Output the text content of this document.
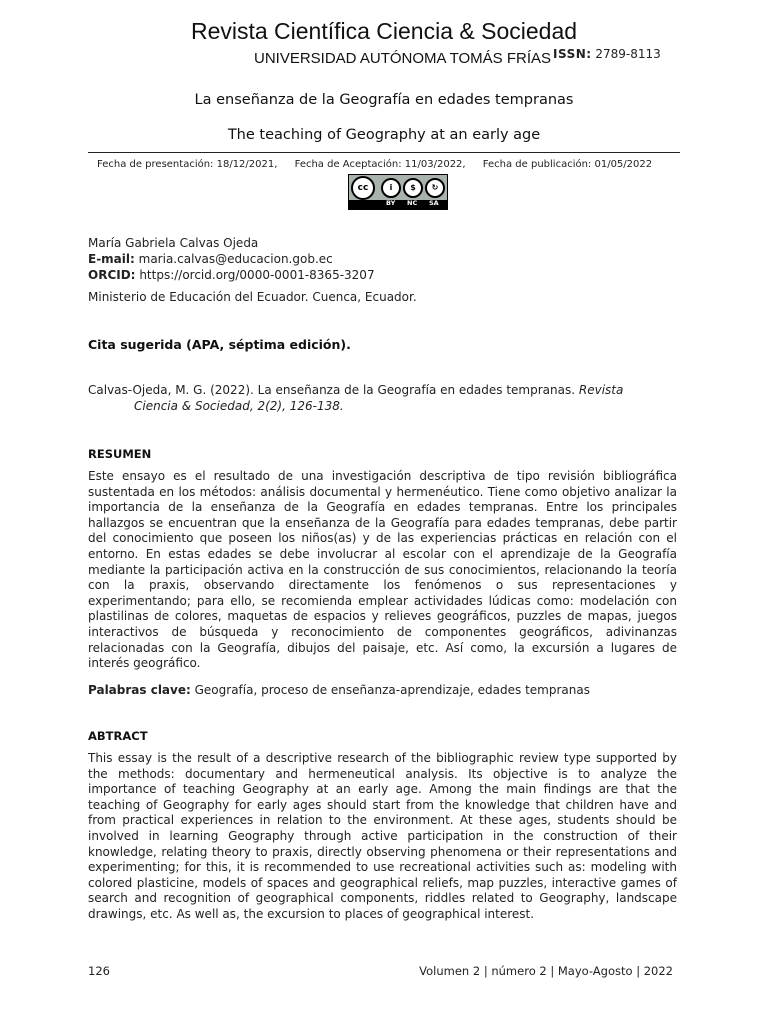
Revista Científica Ciencia & Sociedad
UNIVERSIDAD AUTÓNOMA TOMÁS FRÍAS ISSN: 2789-8113
La enseñanza de la Geografía en edades tempranas
The teaching of Geography at an early age
Fecha de presentación: 18/12/2021, Fecha de Aceptación: 11/03/2022, Fecha de publicación: 01/05/2022
cc	i	$	↻
BY NC SA
María Gabriela Calvas Ojeda
E-mail: maria.calvas@educacion.gob.ec
ORCID: https://orcid.org/0000-0001-8365-3207
Ministerio de Educación del Ecuador. Cuenca, Ecuador.
Cita sugerida (APA, séptima edición).
Calvas-Ojeda, M. G. (2022). La enseñanza de la Geografía en edades tempranas. Revista
Ciencia & Sociedad, 2(2), 126-138.
RESUMEN

Este ensayo es el resultado de una investigación descriptiva de tipo revisión bibliográfica sustentada en los métodos: análisis documental y hermenéutico. Tiene como objetivo analizar la importancia de la enseñanza de la Geografía en edades tempranas. Entre los principales hallazgos se encuentran que la enseñanza de la Geografía para edades tempranas, debe partir del conocimiento que poseen los niños(as) y de las experiencias prácticas en relación con el entorno. En estas edades se debe involucrar al escolar con el aprendizaje de la Geografía mediante la participación activa en la construcción de sus conocimientos, relacionando la teoría con la praxis, observando directamente los fenómenos o sus representaciones y experimentando; para ello, se recomienda emplear actividades lúdicas como: modelación con plastilinas de colores, maquetas de espacios y relieves geográficos, puzzles de mapas, juegos interactivos de búsqueda y reconocimiento de componentes geográficos, adivinanzas relacionadas con la Geografía, dibujos del paisaje, etc. Así como, la excursión a lugares de interés geográfico.

Palabras clave: Geografía, proceso de enseñanza-aprendizaje, edades tempranas
ABTRACT

This essay is the result of a descriptive research of the bibliographic review type supported by the methods: documentary and hermeneutical analysis. Its objective is to analyze the importance of teaching Geography at an early age. Among the main findings are that the teaching of Geography for early ages should start from the knowledge that children have and from practical experiences in relation to the environment. At these ages, students should be involved in learning Geography through active participation in the construction of their knowledge, relating theory to praxis, directly observing phenomena or their representations and experimenting; for this, it is recommended to use recreational activities such as: modeling with colored plasticine, models of spaces and geographical reliefs, map puzzles, interactive games of search and recognition of geographical components, riddles related to Geography, landscape drawings, etc. As well as, the excursion to places of geographical interest.

126	Volumen 2 | número 2 | Mayo-Agosto | 2022
